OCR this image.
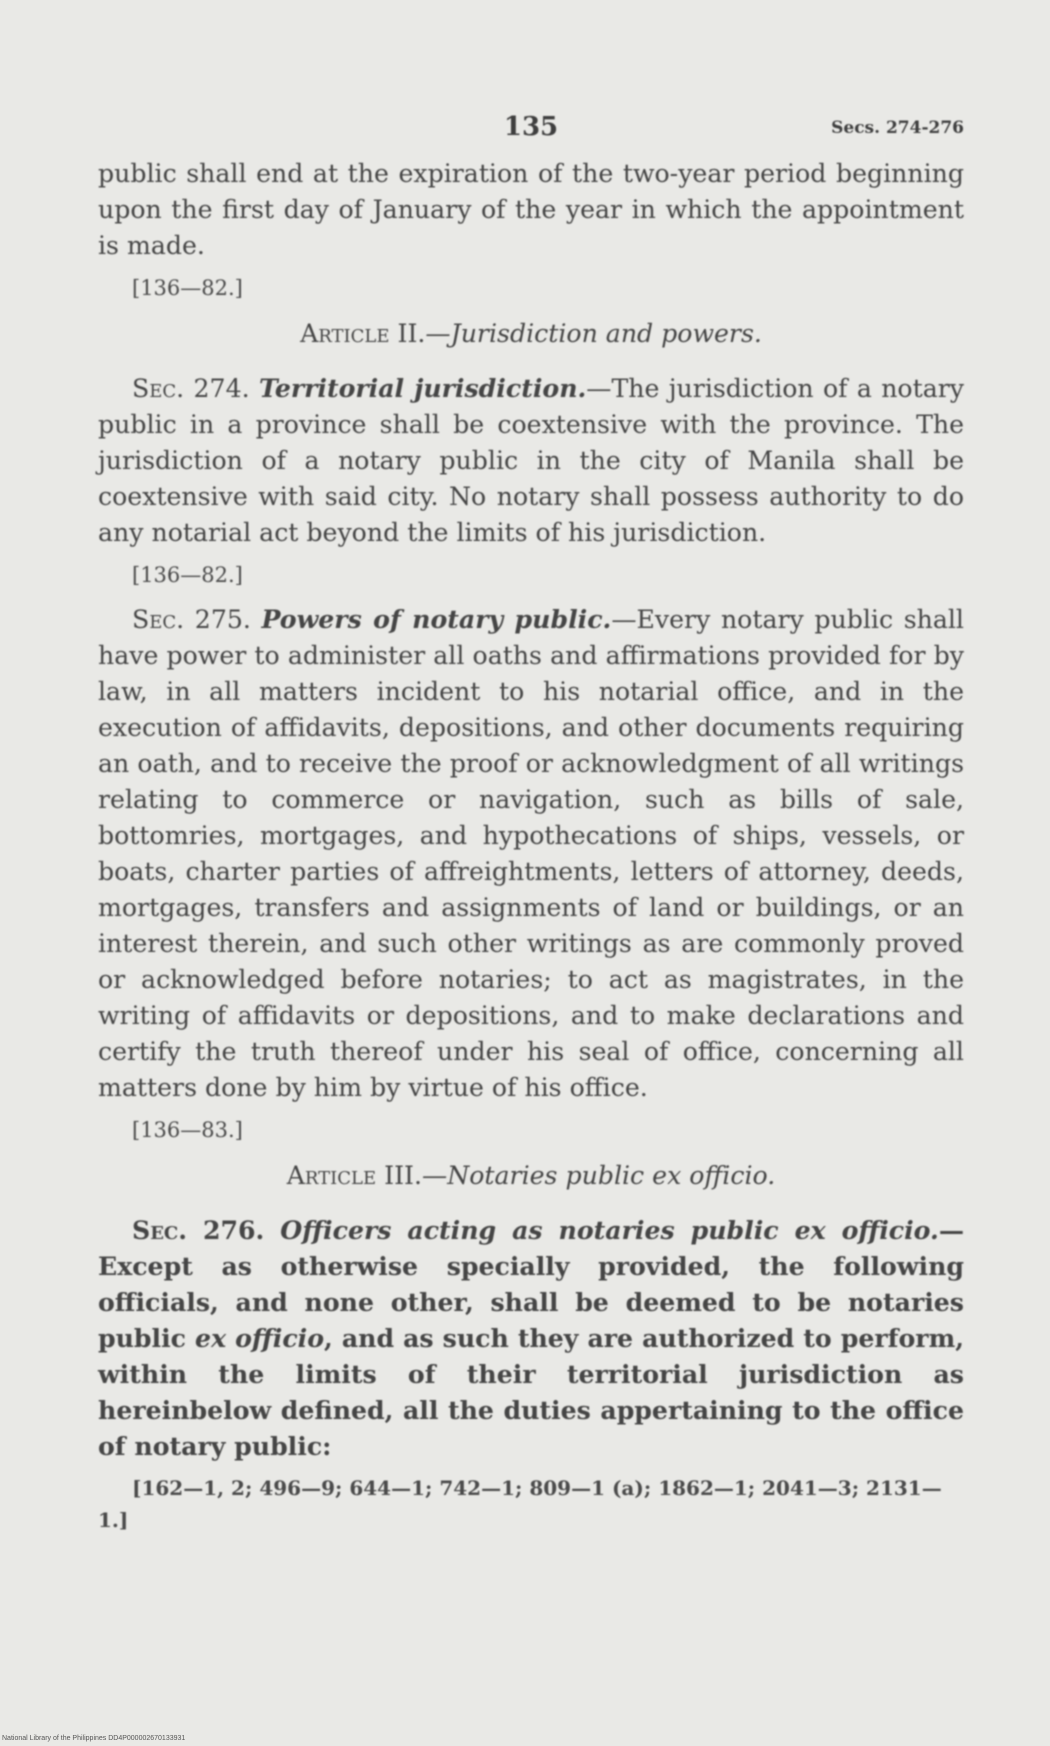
135	Secs. 274-276

public shall end at the expiration of the two-year period beginning upon the first day of January of the year in which the appointment is made.

[136—82.]
Article II.—Jurisdiction and powers.

Sec. 274. Territorial jurisdiction.—The jurisdiction of a notary public in a province shall be coextensive with the province. The jurisdiction of a notary public in the city of Manila shall be coextensive with said city. No notary shall possess authority to do any notarial act beyond the limits of his jurisdiction.

[136—82.]

Sec. 275. Powers of notary public.—Every notary public shall have power to administer all oaths and affirmations provided for by law, in all matters incident to his notarial office, and in the execution of affidavits, depositions, and other documents requiring an oath, and to receive the proof or acknowledgment of all writings relating to commerce or navigation, such as bills of sale, bottomries, mortgages, and hypothecations of ships, vessels, or boats, charter parties of affreightments, letters of attorney, deeds, mortgages, transfers and assignments of land or buildings, or an interest therein, and such other writings as are commonly proved or acknowledged before notaries; to act as magistrates, in the writing of affidavits or depositions, and to make declarations and certify the truth thereof under his seal of office, concerning all matters done by him by virtue of his office.

[136—83.]
Article III.—Notaries public ex officio.

Sec. 276. Officers acting as notaries public ex officio.— Except as otherwise specially provided, the following officials, and none other, shall be deemed to be notaries public ex officio, and as such they are authorized to perform, within the limits of their territorial jurisdiction as hereinbelow defined, all the duties appertaining to the office of notary public:

[162—1, 2; 496—9; 644—1; 742—1; 809—1 (a); 1862—1; 2041—3; 2131—1.]
National Library of the Philippines DD4P000002670133931
